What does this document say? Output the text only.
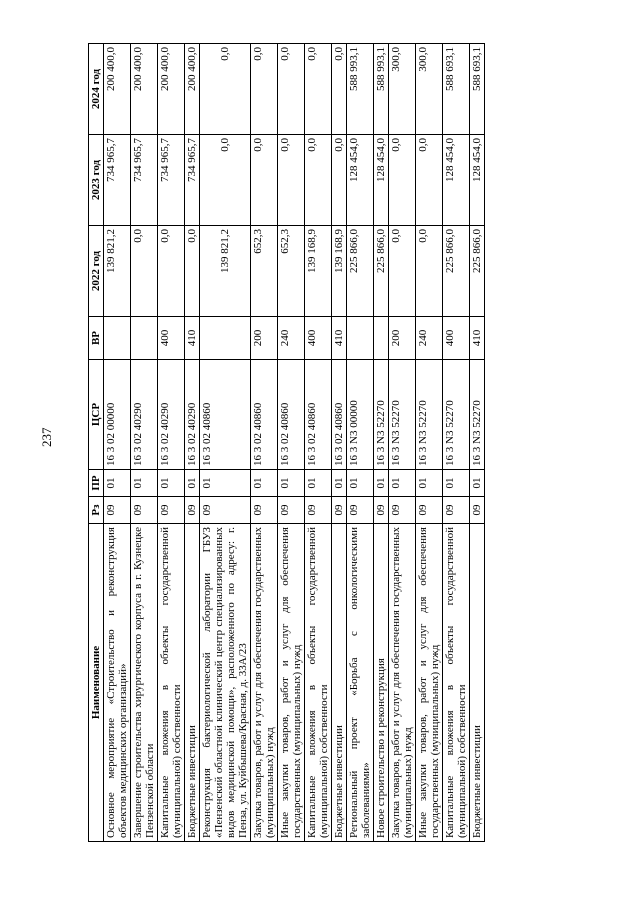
237
Наименование	Рз	ПР	ЦСР	ВР	2022 год	2023 год	2024 год
Основное мероприятие «Строительство и реконструкция объектов медицинских организаций»	09	01	16 3 02 00000		139 821,2	734 965,7	200 400,0
Завершение строительства хирургического корпуса в г. Кузнецке Пензенской области	09	01	16 3 02 40290		0,0	734 965,7	200 400,0
Капитальные вложения в объекты государственной (муниципальной) собственности	09	01	16 3 02 40290	400	0,0	734 965,7	200 400,0
Бюджетные инвестиции	09	01	16 3 02 40290	410	0,0	734 965,7	200 400,0
Реконструкция бактериологической лаборатории ГБУЗ «Пензенский областной клинический центр специализированных видов медицинской помощи», расположенного по адресу: г. Пенза, ул. Куйбышева/Красная, д. 33А/23	09	01	16 3 02 40860		139 821,2	0,0	0,0
Закупка товаров, работ и услуг для обеспечения государственных (муниципальных) нужд	09	01	16 3 02 40860	200	652,3	0,0	0,0
Иные закупки товаров, работ и услуг для обеспечения государственных (муниципальных) нужд	09	01	16 3 02 40860	240	652,3	0,0	0,0
Капитальные вложения в объекты государственной (муниципальной) собственности	09	01	16 3 02 40860	400	139 168,9	0,0	0,0
Бюджетные инвестиции	09	01	16 3 02 40860	410	139 168,9	0,0	0,0
Региональный проект «Борьба с онкологическими заболеваниями»	09	01	16 3 N3 00000		225 866,0	128 454,0	588 993,1
Новое строительство и реконструкция	09	01	16 3 N3 52270		225 866,0	128 454,0	588 993,1
Закупка товаров, работ и услуг для обеспечения государственных (муниципальных) нужд	09	01	16 3 N3 52270	200	0,0	0,0	300,0
Иные закупки товаров, работ и услуг для обеспечения государственных (муниципальных) нужд	09	01	16 3 N3 52270	240	0,0	0,0	300,0
Капитальные вложения в объекты государственной (муниципальной) собственности	09	01	16 3 N3 52270	400	225 866,0	128 454,0	588 693,1
Бюджетные инвестиции	09	01	16 3 N3 52270	410	225 866,0	128 454,0	588 693,1
